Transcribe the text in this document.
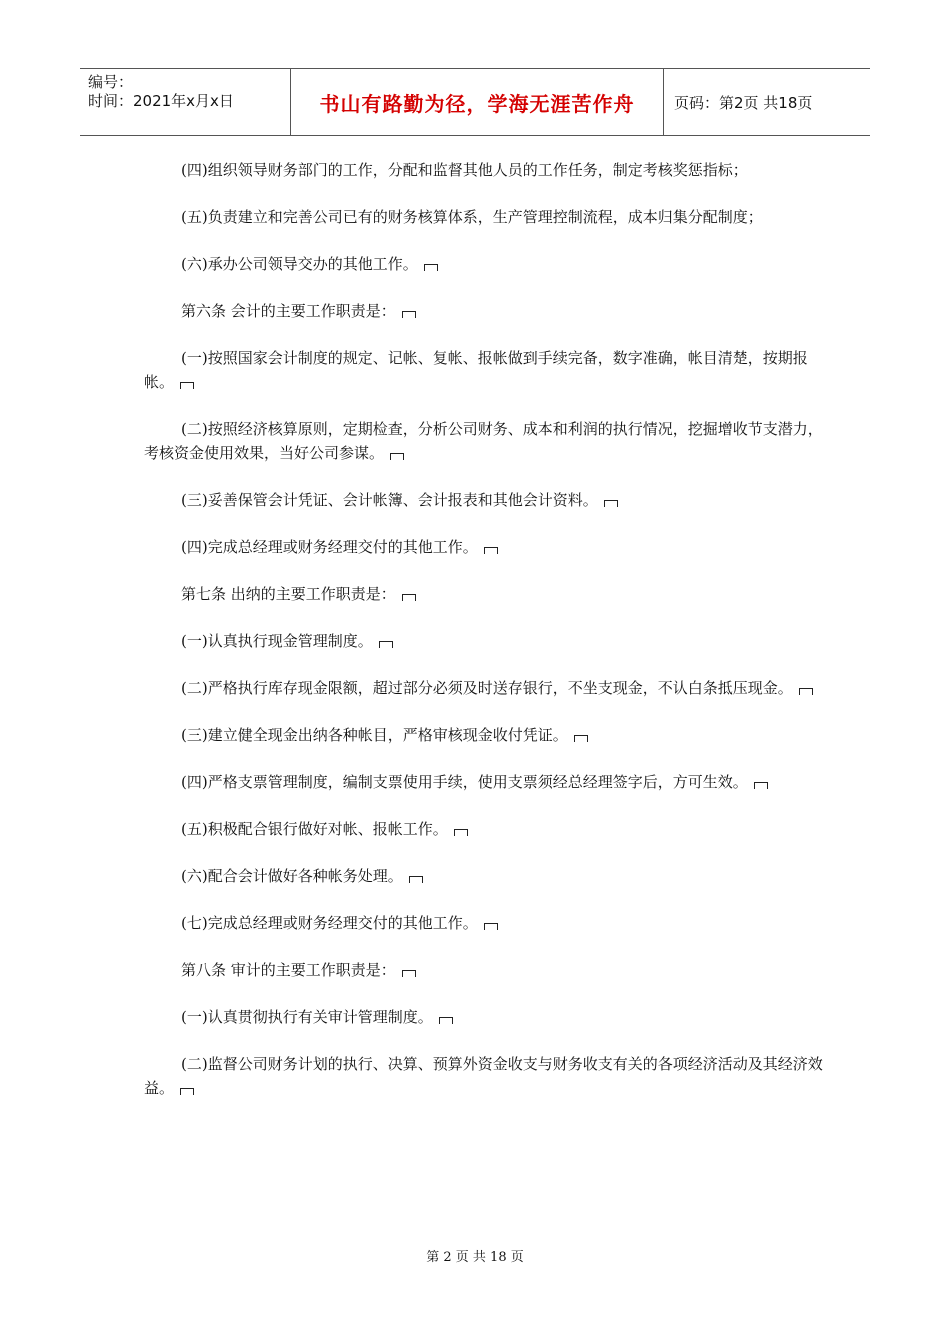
编号：
时间：2021年x月x日	书山有路勤为径，学海无涯苦作舟	页码：第2页 共18页

(四)组织领导财务部门的工作，分配和监督其他人员的工作任务，制定考核奖惩指标；

(五)负责建立和完善公司已有的财务核算体系，生产管理控制流程，成本归集分配制度；

(六)承办公司领导交办的其他工作。

第六条 会计的主要工作职责是：

(一)按照国家会计制度的规定、记帐、复帐、报帐做到手续完备，数字准确，帐目清楚，按期报帐。

(二)按照经济核算原则，定期检查，分析公司财务、成本和利润的执行情况，挖掘增收节支潜力，考核资金使用效果，当好公司参谋。

(三)妥善保管会计凭证、会计帐簿、会计报表和其他会计资料。

(四)完成总经理或财务经理交付的其他工作。

第七条 出纳的主要工作职责是：

(一)认真执行现金管理制度。

(二)严格执行库存现金限额，超过部分必须及时送存银行，不坐支现金，不认白条抵压现金。

(三)建立健全现金出纳各种帐目，严格审核现金收付凭证。

(四)严格支票管理制度，编制支票使用手续，使用支票须经总经理签字后，方可生效。

(五)积极配合银行做好对帐、报帐工作。

(六)配合会计做好各种帐务处理。

(七)完成总经理或财务经理交付的其他工作。

第八条 审计的主要工作职责是：

(一)认真贯彻执行有关审计管理制度。

(二)监督公司财务计划的执行、决算、预算外资金收支与财务收支有关的各项经济活动及其经济效益。

第 2 页 共 18 页
